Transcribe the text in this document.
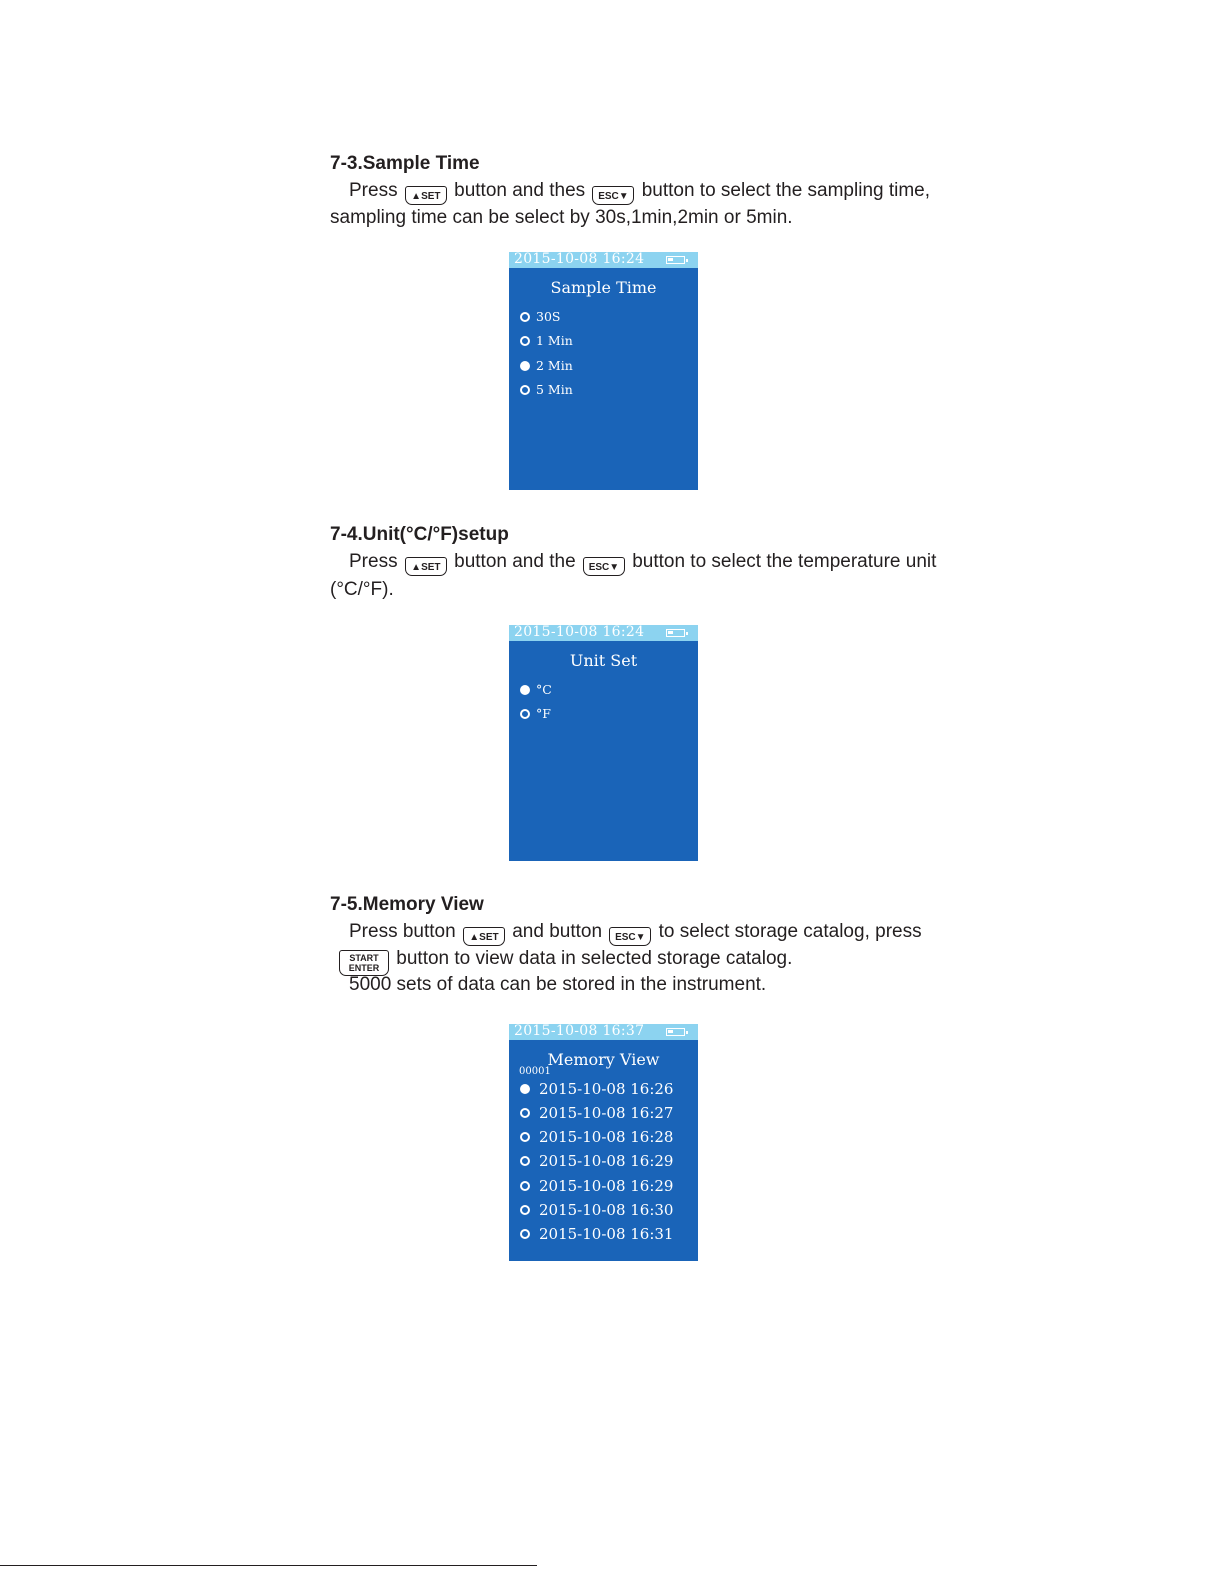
7-3.Sample Time
Press ▲SET button and thes ESC▼ button to select the sampling time,
sampling time can be select by 30s,1min,2min or 5min.
2015-10-08 16:24
Sample Time
30S
1 Min
2 Min
5 Min
7-4.Unit(°C/°F)setup
Press ▲SET button and the ESC▼ button to select the temperature unit
(°C/°F).
2015-10-08 16:24
Unit Set
°C
°F
7-5.Memory View
Press button ▲SET and button ESC▼ to select storage catalog, press
START
ENTER button to view data in selected storage catalog.
5000 sets of data can be stored in the instrument.
2015-10-08 16:37
Memory View
00001
2015-10-08 16:26
2015-10-08 16:27
2015-10-08 16:28
2015-10-08 16:29
2015-10-08 16:29
2015-10-08 16:30
2015-10-08 16:31
